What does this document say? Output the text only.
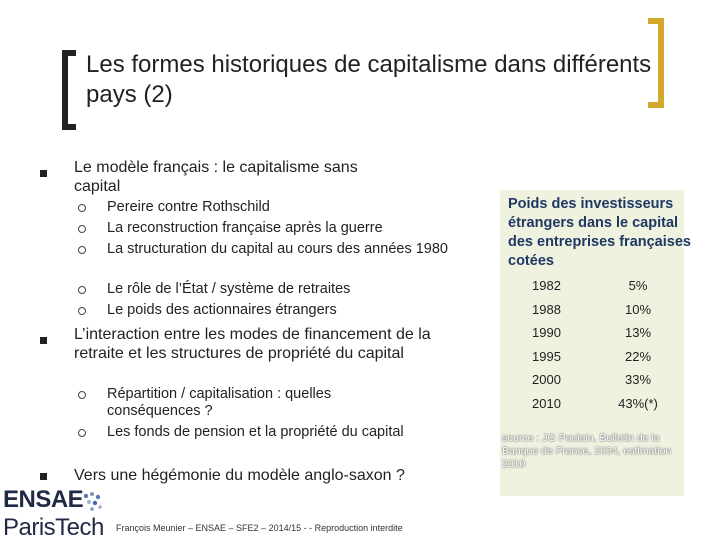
Les formes historiques de capitalisme dans différents pays (2)
Le modèle français : le capitalisme sans capital
Pereire contre Rothschild
La reconstruction française après la guerre
La structuration du capital au cours des années 1980
Le rôle de l’État / système de retraites
Le poids des actionnaires étrangers
L’interaction entre les modes de financement de la retraite et les structures de propriété du capital
Répartition / capitalisation : quelles conséquences ?
Les fonds de pension et la propriété du capital
Vers une hégémonie du modèle anglo-saxon ?
Poids des investisseurs étrangers dans le capital des entreprises françaises cotées
1982	5%
1988	10%
1990	13%
1995	22%
2000	33%
2010	43%(*)
source : JG Poulain, Bulletin de la Banque de France, 2004, estimation 2010
ENSAE
ParisTech François Meunier – ENSAE – SFE2 – 2014/15 - - Reproduction interdite
